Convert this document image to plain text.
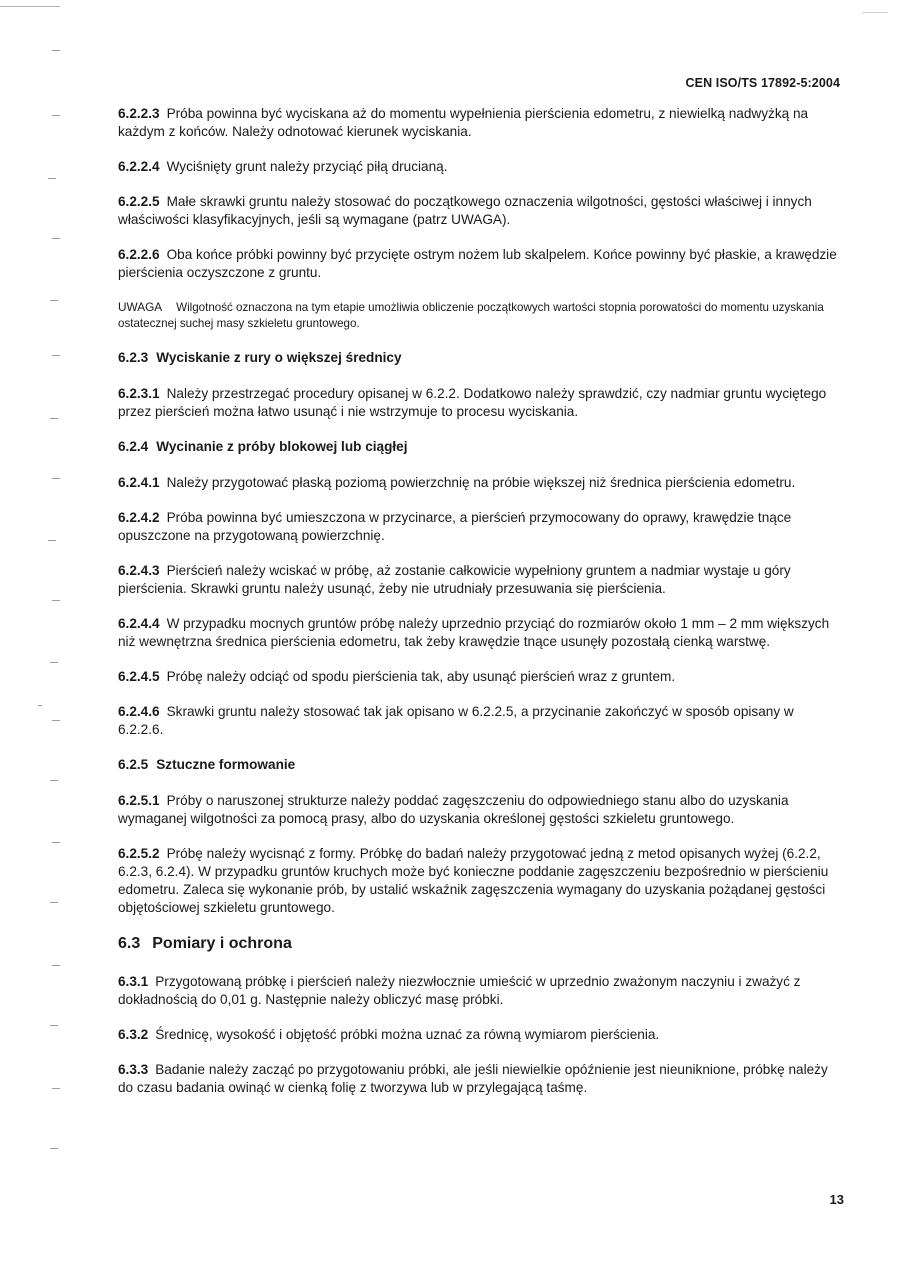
CEN ISO/TS 17892-5:2004

6.2.2.3 Próba powinna być wyciskana aż do momentu wypełnienia pierścienia edometru, z niewielką nadwyżką na każdym z końców. Należy odnotować kierunek wyciskania.

6.2.2.4 Wyciśnięty grunt należy przyciąć piłą drucianą.

6.2.2.5 Małe skrawki gruntu należy stosować do początkowego oznaczenia wilgotności, gęstości właściwej i innych właściwości klasyfikacyjnych, jeśli są wymagane (patrz UWAGA).

6.2.2.6 Oba końce próbki powinny być przycięte ostrym nożem lub skalpelem. Końce powinny być płaskie, a krawędzie pierścienia oczyszczone z gruntu.

UWAGA Wilgotność oznaczona na tym etapie umożliwia obliczenie początkowych wartości stopnia porowatości do momentu uzyskania ostatecznej suchej masy szkieletu gruntowego.

6.2.3 Wyciskanie z rury o większej średnicy

6.2.3.1 Należy przestrzegać procedury opisanej w 6.2.2. Dodatkowo należy sprawdzić, czy nadmiar gruntu wyciętego przez pierścień można łatwo usunąć i nie wstrzymuje to procesu wyciskania.

6.2.4 Wycinanie z próby blokowej lub ciągłej

6.2.4.1 Należy przygotować płaską poziomą powierzchnię na próbie większej niż średnica pierścienia edometru.

6.2.4.2 Próba powinna być umieszczona w przycinarce, a pierścień przymocowany do oprawy, krawędzie tnące opuszczone na przygotowaną powierzchnię.

6.2.4.3 Pierścień należy wciskać w próbę, aż zostanie całkowicie wypełniony gruntem a nadmiar wystaje u góry pierścienia. Skrawki gruntu należy usunąć, żeby nie utrudniały przesuwania się pierścienia.

6.2.4.4 W przypadku mocnych gruntów próbę należy uprzednio przyciąć do rozmiarów około 1 mm – 2 mm większych niż wewnętrzna średnica pierścienia edometru, tak żeby krawędzie tnące usunęły pozostałą cienką warstwę.

6.2.4.5 Próbę należy odciąć od spodu pierścienia tak, aby usunąć pierścień wraz z gruntem.

6.2.4.6 Skrawki gruntu należy stosować tak jak opisano w 6.2.2.5, a przycinanie zakończyć w sposób opisany w 6.2.2.6.

6.2.5 Sztuczne formowanie

6.2.5.1 Próby o naruszonej strukturze należy poddać zagęszczeniu do odpowiedniego stanu albo do uzyskania wymaganej wilgotności za pomocą prasy, albo do uzyskania określonej gęstości szkieletu gruntowego.

6.2.5.2 Próbę należy wycisnąć z formy. Próbkę do badań należy przygotować jedną z metod opisanych wyżej (6.2.2, 6.2.3, 6.2.4). W przypadku gruntów kruchych może być konieczne poddanie zagęszczeniu bezpośrednio w pierścieniu edometru. Zaleca się wykonanie prób, by ustalić wskaźnik zagęszczenia wymagany do uzyskania pożądanej gęstości objętościowej szkieletu gruntowego.

6.3 Pomiary i ochrona

6.3.1 Przygotowaną próbkę i pierścień należy niezwłocznie umieścić w uprzednio zważonym naczyniu i zważyć z dokładnością do 0,01 g. Następnie należy obliczyć masę próbki.

6.3.2 Średnicę, wysokość i objętość próbki można uznać za równą wymiarom pierścienia.

6.3.3 Badanie należy zacząć po przygotowaniu próbki, ale jeśli niewielkie opóźnienie jest nieuniknione, próbkę należy do czasu badania owinąć w cienką folię z tworzywa lub w przylegającą taśmę.

13
